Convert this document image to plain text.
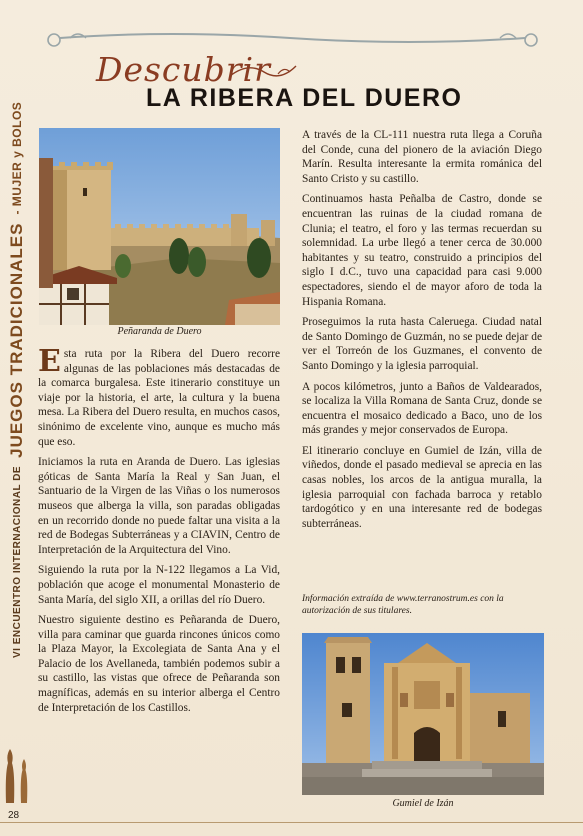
Descubrir
LA RIBERA DEL DUERO
VI ENCUENTRO INTERNACIONAL DE
JUEGOS TRADICIONALES
- MUJER y BOLOS
Peñaranda de Duero

Esta ruta por la Ribera del Duero recorre algunas de las poblaciones más destacadas de la comarca burgalesa. Este itinerario constituye un viaje por la historia, el arte, la cultura y la buena mesa. La Ribera del Duero resulta, en muchos casos, sinónimo de excelente vino, aunque es mucho más que eso.

Iniciamos la ruta en Aranda de Duero. Las iglesias góticas de Santa María la Real y San Juan, el Santuario de la Virgen de las Viñas o los numerosos museos que alberga la villa, son paradas obligadas en un recorrido donde no puede faltar una visita a la red de Bodegas Subterráneas y a CIAVIN, Centro de Interpretación de la Arquitectura del Vino.

Siguiendo la ruta por la N-122 llegamos a La Vid, población que acoge el monumental Monasterio de Santa María, del siglo XII, a orillas del río Duero.

Nuestro siguiente destino es Peñaranda de Duero, villa para caminar que guarda rincones únicos como la Plaza Mayor, la Excolegiata de Santa Ana y el Palacio de los Avellaneda, también podemos subir a su castillo, las vistas que ofrece de Peñaranda son magníficas, además en su interior alberga el Centro de Interpretación de los Castillos.

A través de la CL-111 nuestra ruta llega a Coruña del Conde, cuna del pionero de la aviación Diego Marín. Resulta interesante la ermita románica del Santo Cristo y su castillo.

Continuamos hasta Peñalba de Castro, donde se encuentran las ruinas de la ciudad romana de Clunia; el teatro, el foro y las termas recuerdan su solemnidad. La urbe llegó a tener cerca de 30.000 habitantes y su teatro, construido a principios del siglo I d.C., tuvo una capacidad para casi 9.000 espectadores, siendo el de mayor aforo de toda la Hispania Romana.

Proseguimos la ruta hasta Caleruega. Ciudad natal de Santo Domingo de Guzmán, no se puede dejar de ver el Torreón de los Guzmanes, el convento de Santo Domingo y la iglesia parroquial.

A pocos kilómetros, junto a Baños de Valdearados, se localiza la Villa Romana de Santa Cruz, donde se encuentra el mosaico dedicado a Baco, uno de los más grandes y mejor conservados de Europa.

El itinerario concluye en Gumiel de Izán, villa de viñedos, donde el pasado medieval se aprecia en las casas nobles, los arcos de la antigua muralla, la iglesia parroquial con fachada barroca y retablo tardogótico y en una interesante red de bodegas subterráneas.

Información extraída de www.terranostrum.es con la autorización de sus titulares.
Gumiel de Izán
28
